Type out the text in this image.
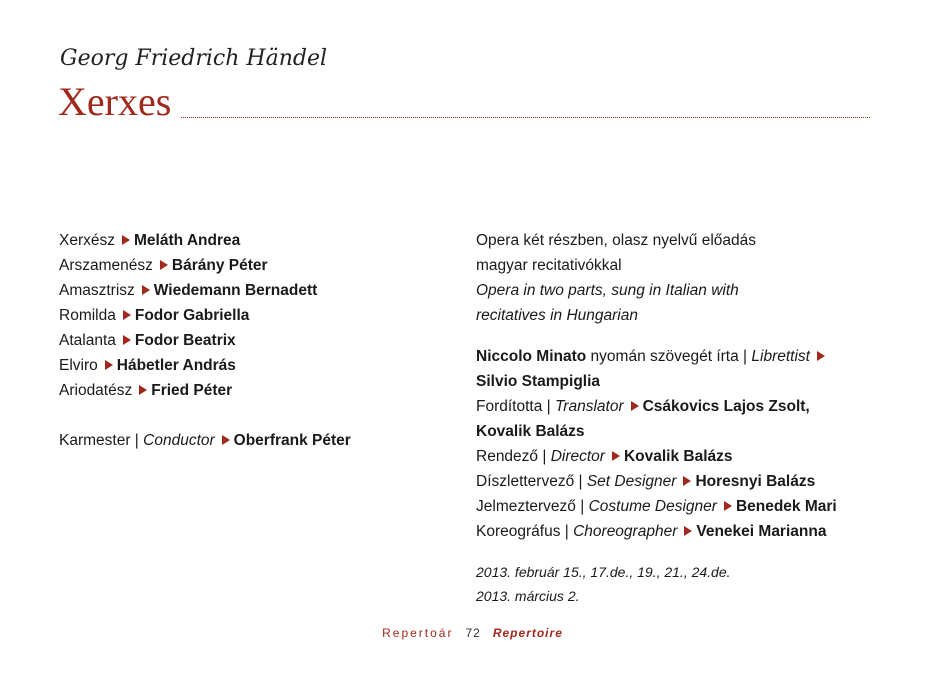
Georg Friedrich Händel
Xerxes
Xerxész Meláth Andrea
Arszamenész Bárány Péter
Amasztrisz Wiedemann Bernadett
Romilda Fodor Gabriella
Atalanta Fodor Beatrix
Elviro Hábetler András
Ariodatész Fried Péter
Karmester | Conductor Oberfrank Péter
Opera két részben, olasz nyelvű előadás
magyar recitativókkal
Opera in two parts, sung in Italian with
recitatives in Hungarian
Niccolo Minato nyomán szövegét írta | Librettist
Silvio Stampiglia
Fordította | Translator Csákovics Lajos Zsolt,
Kovalik Balázs
Rendező | Director Kovalik Balázs
Díszlettervező | Set Designer Horesnyi Balázs
Jelmeztervező | Costume Designer Benedek Mari
Koreográfus | Choreographer Venekei Marianna
2013. február 15., 17.de., 19., 21., 24.de.
2013. március 2.
Repertoár 72 Repertoire
